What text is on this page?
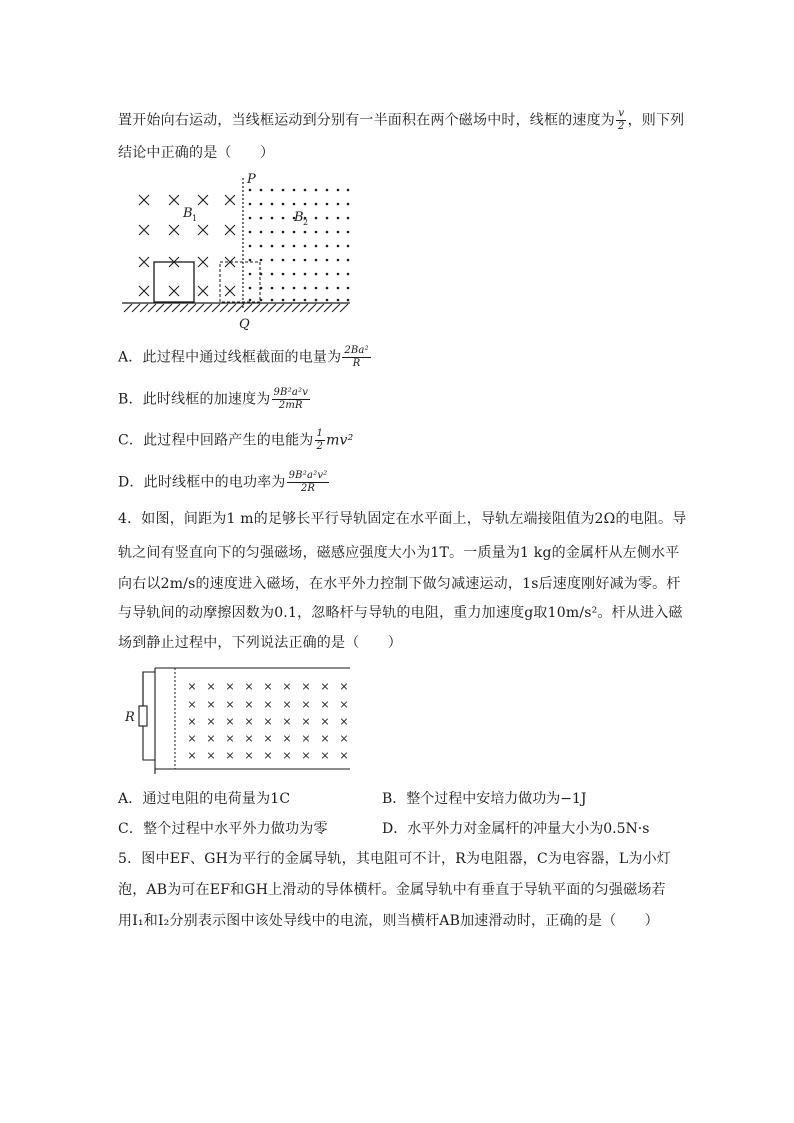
置开始向右运动，当线框运动到分别有一半面积在两个磁场中时，线框的速度为 $\frac{v}{2}$ ，则下列
结论中正确的是（　　）
P
Q
B 1	B 2
A．此过程中通过线框截面的电量为 $\frac{\text{2Ba²}}{R}$
B．此时线框的加速度为 $\frac{\text{9B²a²v}}{2mR}$
C．此过程中回路产生的电能为 $\frac{1}{2} mv^2$
D．此时线框中的电功率为 $\frac{\text{9B²a²v²}}{2R}$
4．如图，间距为1 m的足够长平行导轨固定在水平面上，导轨左端接阻值为2Ω的电阻。导
轨之间有竖直向下的匀强磁场，磁感应强度大小为1T。一质量为1 kg的金属杆从左侧水平
向右以2m/s的速度进入磁场，在水平外力控制下做匀减速运动，1s后速度刚好减为零。杆
与导轨间的动摩擦因数为0.1，忽略杆与导轨的电阻，重力加速度g取10m/s²。杆从进入磁
场到静止过程中，下列说法正确的是（　　）
R
× × × × × × × × ×
× × × × × × × × ×
× × × × × × × × ×
× × × × × × × × ×
× × × × × × × × ×
A．通过电阻的电荷量为1C	B．整个过程中安培力做功为−1J
C．整个过程中水平外力做功为零	D．水平外力对金属杆的冲量大小为0.5N·s
5．图中EF、GH为平行的金属导轨，其电阻可不计，R为电阻器，C为电容器，L为小灯
泡，AB为可在EF和GH上滑动的导体横杆。金属导轨中有垂直于导轨平面的匀强磁场若
用I₁和I₂分别表示图中该处导线中的电流，则当横杆AB加速滑动时，正确的是（　　）
